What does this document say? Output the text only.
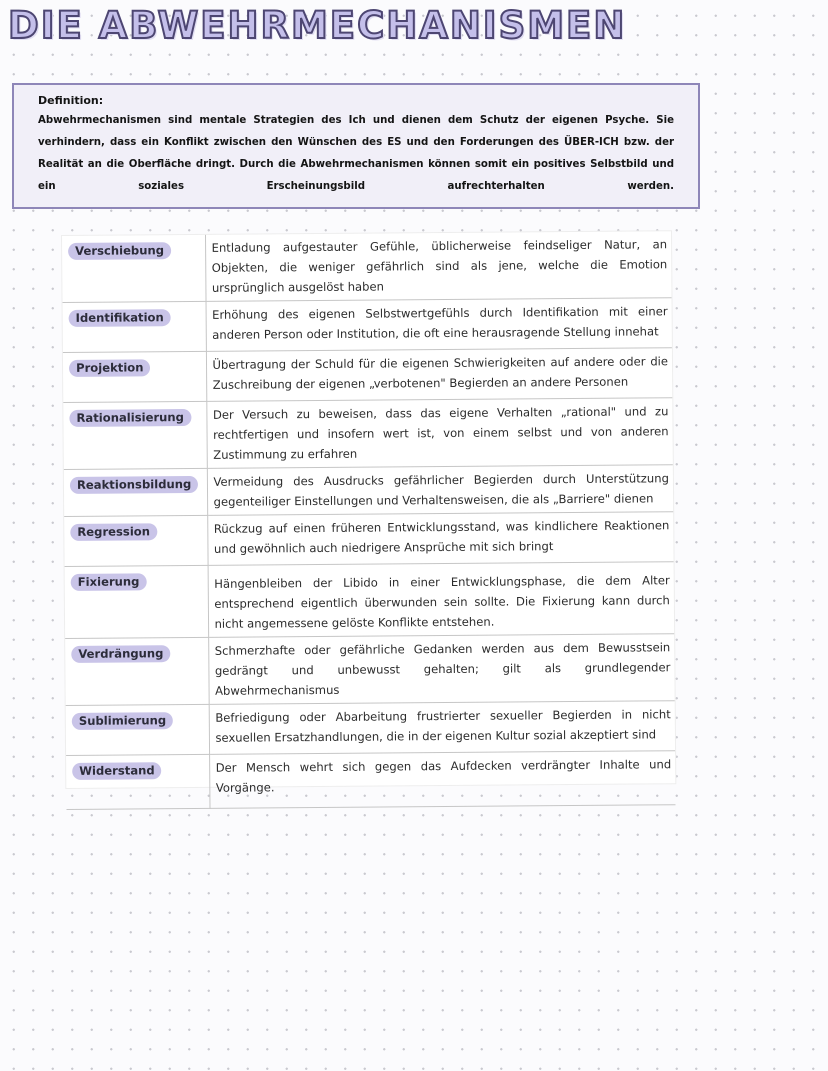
DIE ABWEHRMECHANISMEN
Definition:

Abwehrmechanismen sind mentale Strategien des Ich und dienen dem Schutz der eigenen Psyche. Sie verhindern, dass ein Konflikt zwischen den Wünschen des ES und den Forderungen des ÜBER-ICH bzw. der Realität an die Oberfläche dringt. Durch die Abwehrmechanismen können somit ein positives Selbstbild und ein soziales Erscheinungsbild aufrechterhalten werden.

Verschiebung	Entladung aufgestauter Gefühle, üblicherweise feindseliger Natur, an Objekten, die weniger gefährlich sind als jene, welche die Emotion ursprünglich ausgelöst haben
Identifikation	Erhöhung des eigenen Selbstwertgefühls durch Identifikation mit einer anderen Person oder Institution, die oft eine herausragende Stellung innehat
Projektion	Übertragung der Schuld für die eigenen Schwierigkeiten auf andere oder die Zuschreibung der eigenen „verbotenen" Begierden an andere Personen
Rationalisierung	Der Versuch zu beweisen, dass das eigene Verhalten „rational" und zu rechtfertigen und insofern wert ist, von einem selbst und von anderen Zustimmung zu erfahren
Reaktionsbildung	Vermeidung des Ausdrucks gefährlicher Begierden durch Unterstützung gegenteiliger Einstellungen und Verhaltensweisen, die als „Barriere" dienen
Regression	Rückzug auf einen früheren Entwicklungsstand, was kindlichere Reaktionen und gewöhnlich auch niedrigere Ansprüche mit sich bringt
Fixierung	Hängenbleiben der Libido in einer Entwicklungsphase, die dem Alter entsprechend eigentlich überwunden sein sollte. Die Fixierung kann durch nicht angemessene gelöste Konflikte entstehen.
Verdrängung	Schmerzhafte oder gefährliche Gedanken werden aus dem Bewusstsein gedrängt und unbewusst gehalten; gilt als grundlegender Abwehrmechanismus
Sublimierung	Befriedigung oder Abarbeitung frustrierter sexueller Begierden in nicht sexuellen Ersatzhandlungen, die in der eigenen Kultur sozial akzeptiert sind
Widerstand	Der Mensch wehrt sich gegen das Aufdecken verdrängter Inhalte und Vorgänge.
